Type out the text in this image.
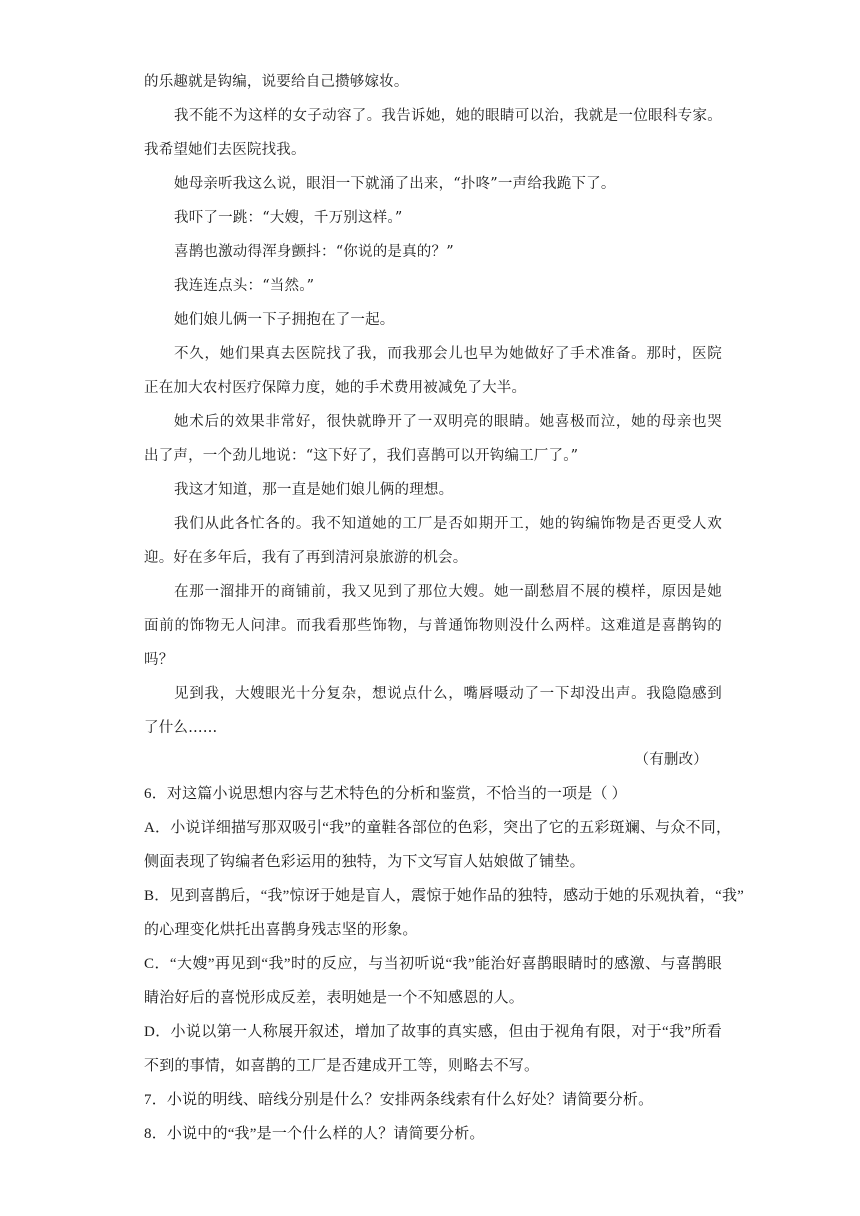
的乐趣就是钩编，说要给自己攒够嫁妆。
我不能不为这样的女子动容了。我告诉她，她的眼睛可以治，我就是一位眼科专家。
我希望她们去医院找我。
她母亲听我这么说，眼泪一下就涌了出来，“扑咚”一声给我跪下了。
我吓了一跳：“大嫂，千万别这样。”
喜鹊也激动得浑身颤抖：“你说的是真的？”
我连连点头：“当然。”
她们娘儿俩一下子拥抱在了一起。
不久，她们果真去医院找了我，而我那会儿也早为她做好了手术准备。那时，医院
正在加大农村医疗保障力度，她的手术费用被减免了大半。
她术后的效果非常好，很快就睁开了一双明亮的眼睛。她喜极而泣，她的母亲也哭
出了声，一个劲儿地说：“这下好了，我们喜鹊可以开钩编工厂了。”
我这才知道，那一直是她们娘儿俩的理想。
我们从此各忙各的。我不知道她的工厂是否如期开工，她的钩编饰物是否更受人欢
迎。好在多年后，我有了再到清河泉旅游的机会。
在那一溜排开的商铺前，我又见到了那位大嫂。她一副愁眉不展的模样，原因是她
面前的饰物无人问津。而我看那些饰物，与普通饰物则没什么两样。这难道是喜鹊钩的
吗？
见到我，大嫂眼光十分复杂，想说点什么，嘴唇嗫动了一下却没出声。我隐隐感到
了什么……
（有删改）
6．对这篇小说思想内容与艺术特色的分析和鉴赏，不恰当的一项是（ ）
A．小说详细描写那双吸引“我”的童鞋各部位的色彩，突出了它的五彩斑斓、与众不同，
侧面表现了钩编者色彩运用的独特，为下文写盲人姑娘做了铺垫。
B．见到喜鹊后，“我”惊讶于她是盲人，震惊于她作品的独特，感动于她的乐观执着，“我”
的心理变化烘托出喜鹊身残志坚的形象。
C．“大嫂”再见到“我”时的反应，与当初听说“我”能治好喜鹊眼睛时的感激、与喜鹊眼
睛治好后的喜悦形成反差，表明她是一个不知感恩的人。
D．小说以第一人称展开叙述，增加了故事的真实感，但由于视角有限，对于“我”所看
不到的事情，如喜鹊的工厂是否建成开工等，则略去不写。
7．小说的明线、暗线分别是什么？安排两条线索有什么好处？请简要分析。
8．小说中的“我”是一个什么样的人？请简要分析。
